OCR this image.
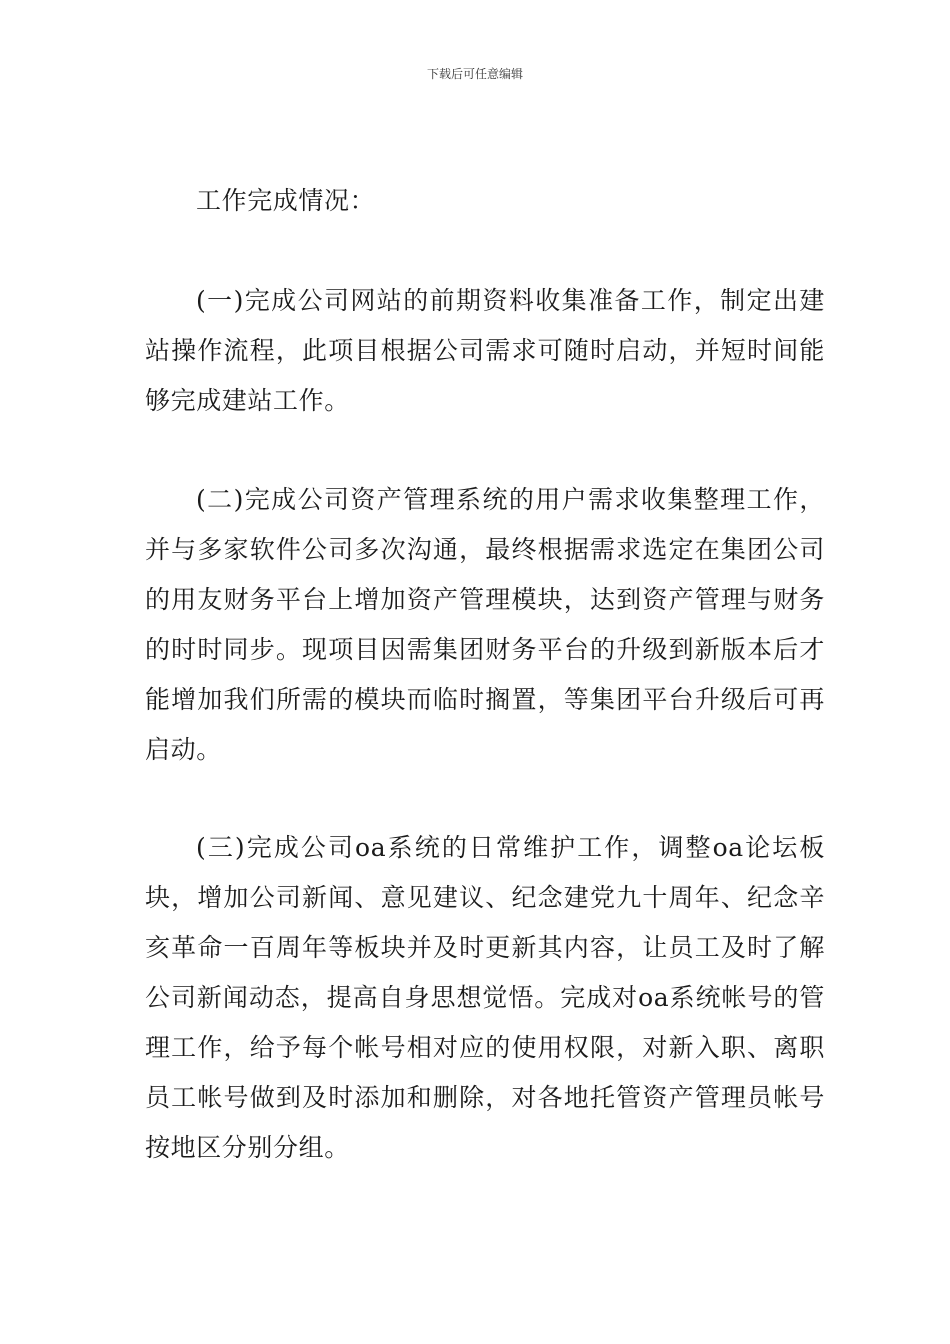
下载后可任意编辑
工作完成情况：

(一)完成公司网站的前期资料收集准备工作，制定出建站操作流程，此项目根据公司需求可随时启动，并短时间能够完成建站工作。

(二)完成公司资产管理系统的用户需求收集整理工作，并与多家软件公司多次沟通，最终根据需求选定在集团公司的用友财务平台上增加资产管理模块，达到资产管理与财务的时时同步。现项目因需集团财务平台的升级到新版本后才能增加我们所需的模块而临时搁置，等集团平台升级后可再启动。

(三)完成公司oa系统的日常维护工作，调整oa论坛板块，增加公司新闻、意见建议、纪念建党九十周年、纪念辛亥革命一百周年等板块并及时更新其内容，让员工及时了解公司新闻动态，提高自身思想觉悟。完成对oa系统帐号的管理工作，给予每个帐号相对应的使用权限，对新入职、离职员工帐号做到及时添加和删除，对各地托管资产管理员帐号按地区分别分组。
